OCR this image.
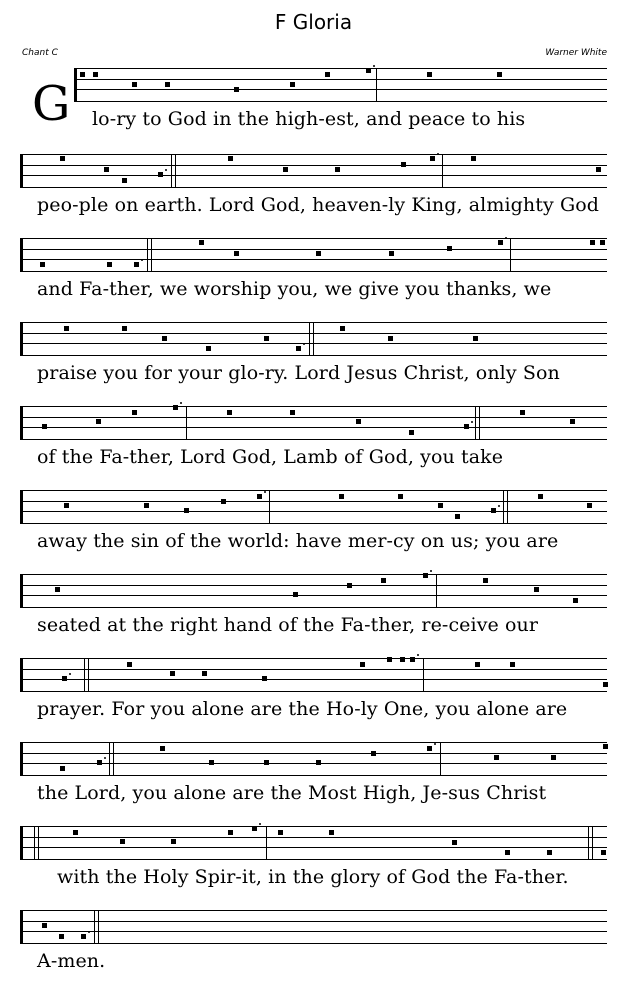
F Gloria
Chant C	Warner White
G lo-ry to God in the high-est, and peace to his
peo-ple on earth. Lord God, heaven-ly King, almighty God
and Fa-ther, we worship you, we give you thanks, we
praise you for your glo-ry. Lord Jesus Christ, only Son
of the Fa-ther, Lord God, Lamb of God, you take
away the sin of the world: have mer-cy on us; you are
seated at the right hand of the Fa-ther, re-ceive our
prayer. For you alone are the Ho-ly One, you alone are
the Lord, you alone are the Most High, Je-sus Christ
with the Holy Spir-it, in the glory of God the Fa-ther.
A-men.
